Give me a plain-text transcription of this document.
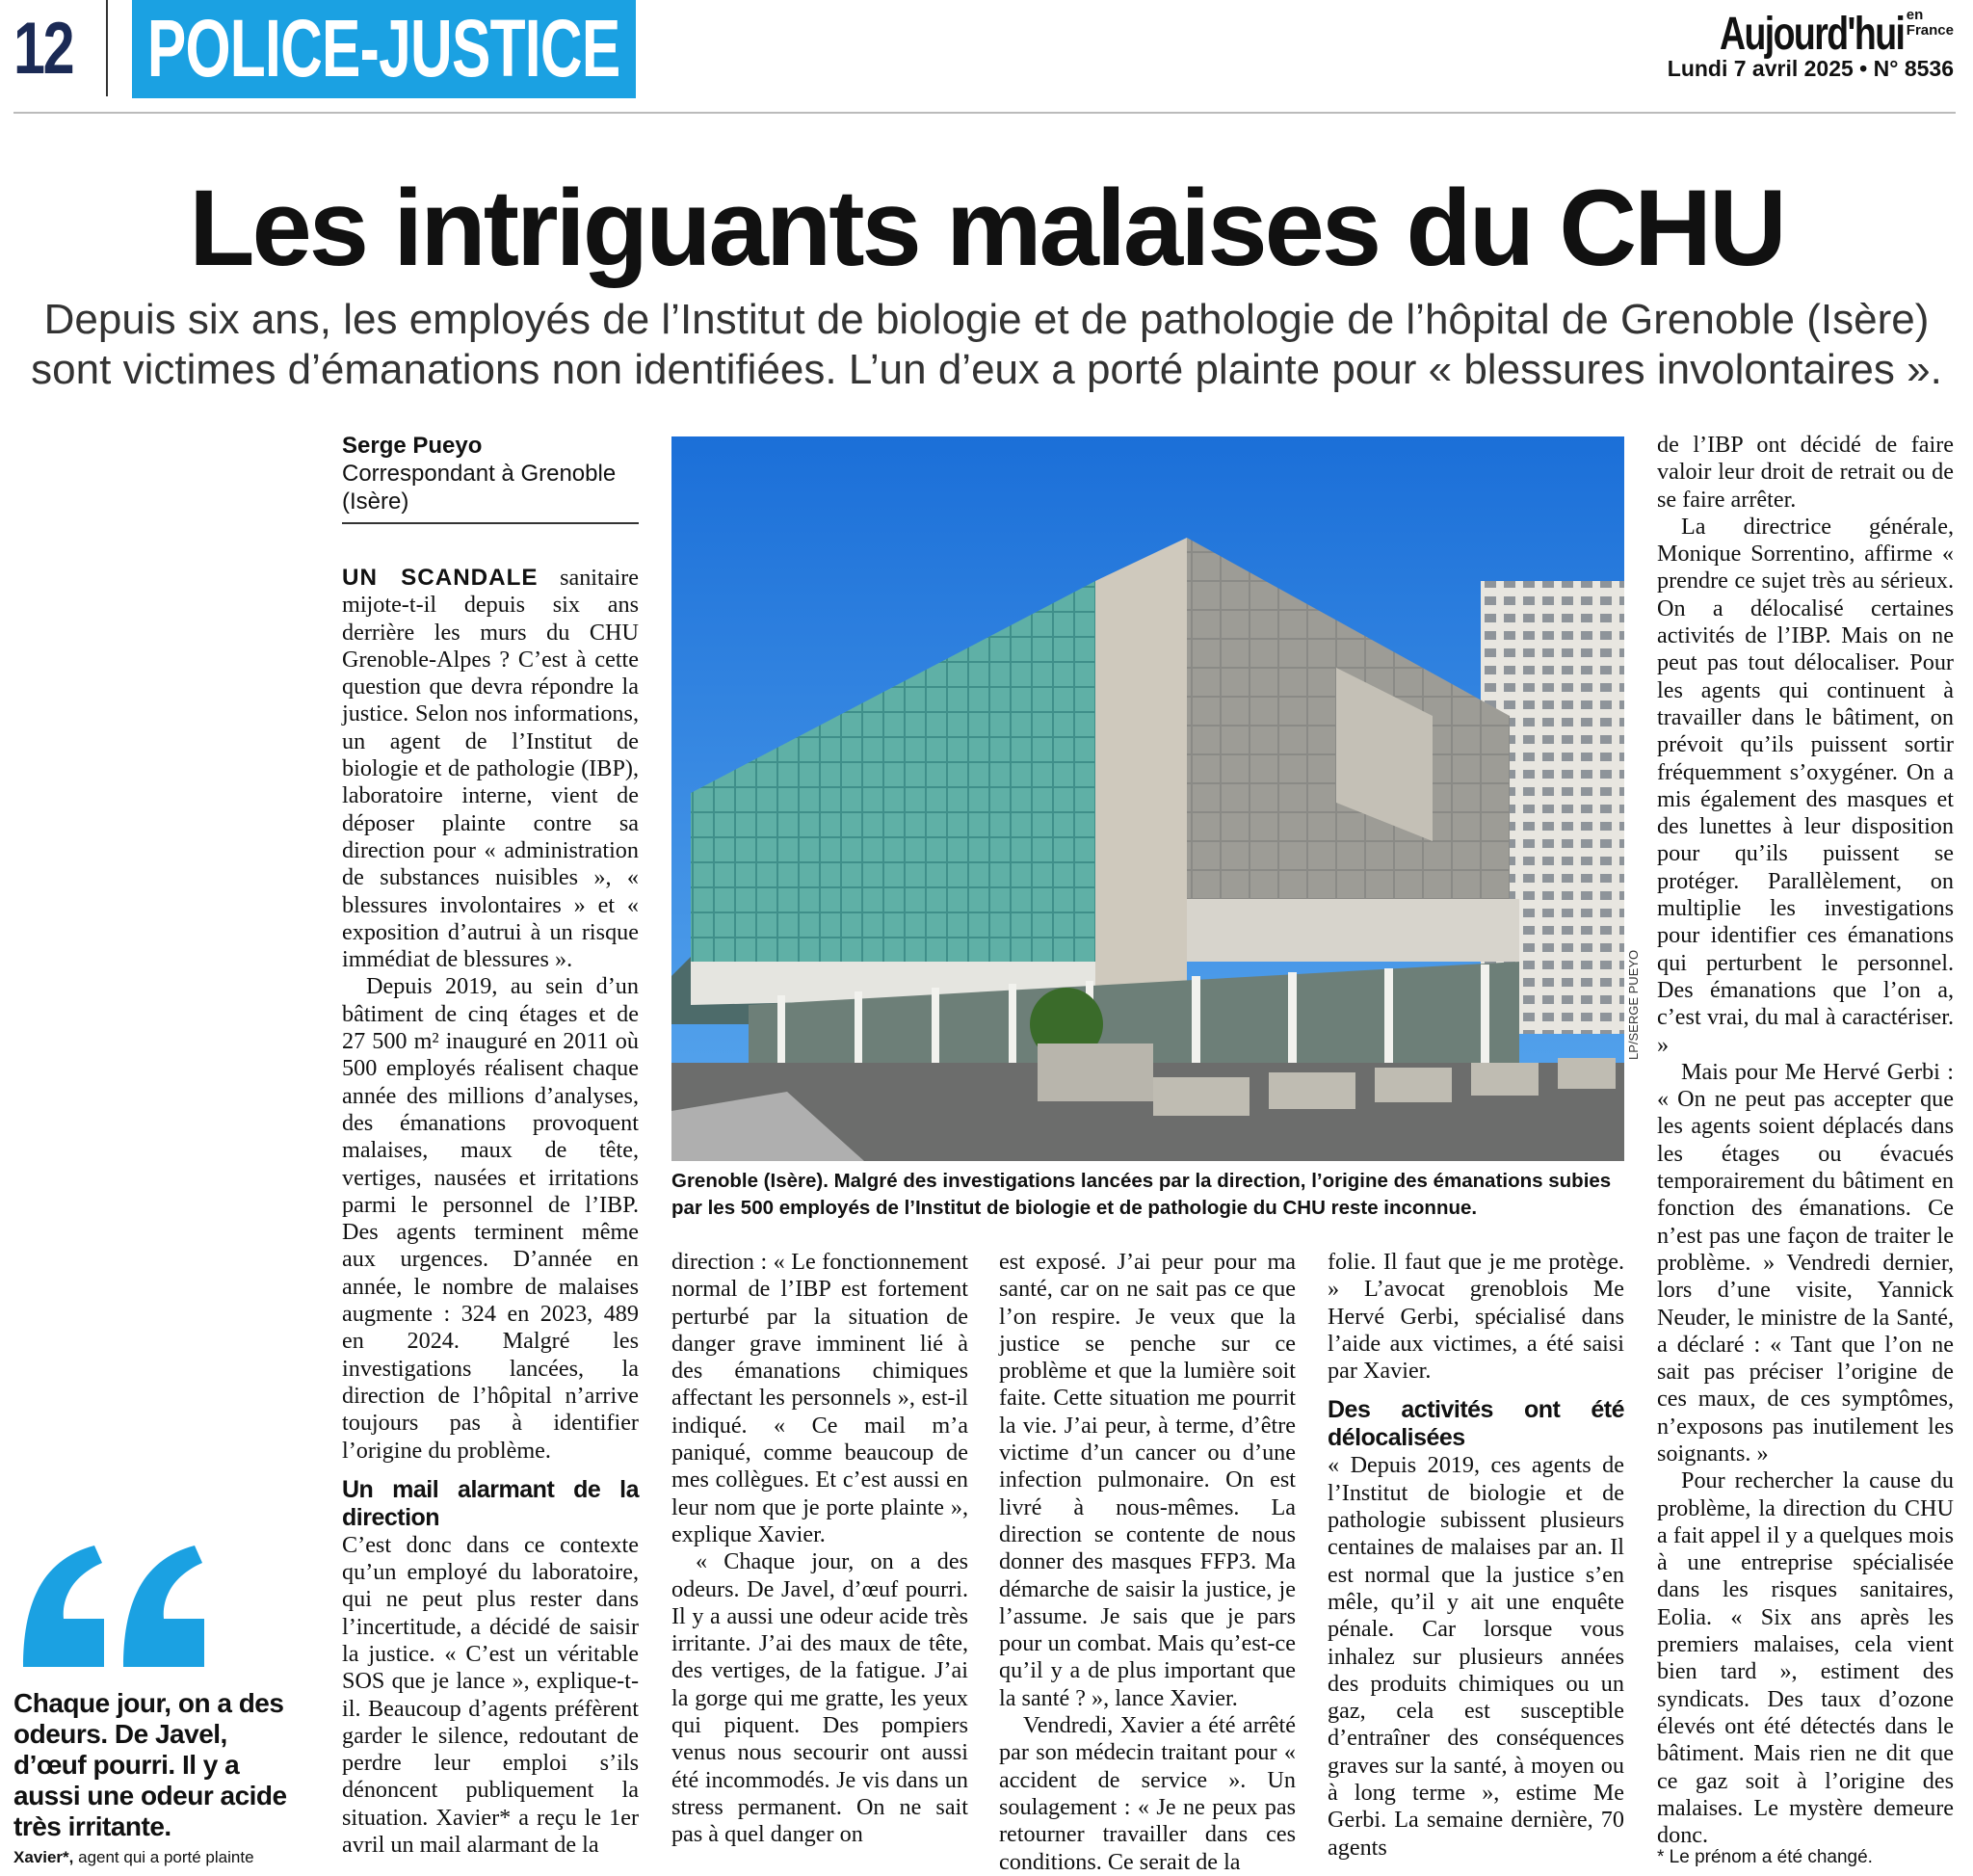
12 POLICE-JUSTICE	Aujourd'hui en
France
Lundi 7 avril 2025 • N° 8536
Les intriguants malaises du CHU
Depuis six ans, les employés de l’Institut de biologie et de pathologie de l’hôpital de Grenoble (Isère) sont victimes d’émanations non identifiées. L’un d’eux a porté plainte pour « blessures involontaires ».
Serge Pueyo
Correspondant à Grenoble (Isère)

UN SCANDALE sanitaire mijote-t-il depuis six ans derrière les murs du CHU Grenoble-Alpes ? C’est à cette question que devra répondre la justice. Selon nos informations, un agent de l’Institut de biologie et de pathologie (IBP), laboratoire interne, vient de déposer plainte contre sa direction pour « administration de substances nuisibles », « blessures involontaires » et « exposition d’autrui à un risque immédiat de blessures ».

Depuis 2019, au sein d’un bâtiment de cinq étages et de 27 500 m² inauguré en 2011 où 500 employés réalisent chaque année des millions d’analyses, des émanations provoquent malaises, maux de tête, vertiges, nausées et irritations parmi le personnel de l’IBP. Des agents terminent même aux urgences. D’année en année, le nombre de malaises augmente : 324 en 2023, 489 en 2024. Malgré les investigations lancées, la direction de l’hôpital n’arrive toujours pas à identifier l’origine du problème.

Un mail alarmant de la direction

C’est donc dans ce contexte qu’un employé du laboratoire, qui ne peut plus rester dans l’incertitude, a décidé de saisir la justice. « C’est un véritable SOS que je lance », explique-t-il. Beaucoup d’agents préfèrent garder le silence, redoutant de perdre leur emploi s’ils dénoncent publiquement la situation. Xavier* a reçu le 1er avril un mail alarmant de la

LP/SERGE PUEYO
Grenoble (Isère). Malgré des investigations lancées par la direction, l’origine des émanations subies par les 500 employés de l’Institut de biologie et de pathologie du CHU reste inconnue.

direction : « Le fonctionnement normal de l’IBP est fortement perturbé par la situation de danger grave imminent lié à des émanations chimiques affectant les personnels », est-il indiqué. « Ce mail m’a paniqué, comme beaucoup de mes collègues. Et c’est aussi en leur nom que je porte plainte », explique Xavier.

« Chaque jour, on a des odeurs. De Javel, d’œuf pourri. Il y a aussi une odeur acide très irritante. J’ai des maux de tête, des vertiges, de la fatigue. J’ai la gorge qui me gratte, les yeux qui piquent. Des pompiers venus nous secourir ont aussi été incommodés. Je vis dans un stress permanent. On ne sait pas à quel danger on

est exposé. J’ai peur pour ma santé, car on ne sait pas ce que l’on respire. Je veux que la justice se penche sur ce problème et que la lumière soit faite. Cette situation me pourrit la vie. J’ai peur, à terme, d’être victime d’un cancer ou d’une infection pulmonaire. On est livré à nous-mêmes. La direction se contente de nous donner des masques FFP3. Ma démarche de saisir la justice, je l’assume. Je sais que je pars pour un combat. Mais qu’est-ce qu’il y a de plus important que la santé ? », lance Xavier.

Vendredi, Xavier a été arrêté par son médecin traitant pour « accident de service ». Un soulagement : « Je ne peux pas retourner travailler dans ces conditions. Ce serait de la

folie. Il faut que je me protège. » L’avocat grenoblois Me Hervé Gerbi, spécialisé dans l’aide aux victimes, a été saisi par Xavier.

Des activités ont été délocalisées

« Depuis 2019, ces agents de l’Institut de biologie et de pathologie subissent plusieurs centaines de malaises par an. Il est normal que la justice s’en mêle, qu’il y ait une enquête pénale. Car lorsque vous inhalez sur plusieurs années des produits chimiques ou un gaz, cela est susceptible d’entraîner des conséquences graves sur la santé, à moyen ou à long terme », estime Me Gerbi. La semaine dernière, 70 agents

de l’IBP ont décidé de faire valoir leur droit de retrait ou de se faire arrêter.

La directrice générale, Monique Sorrentino, affirme « prendre ce sujet très au sérieux. On a délocalisé certaines activités de l’IBP. Mais on ne peut pas tout délocaliser. Pour les agents qui continuent à travailler dans le bâtiment, on prévoit qu’ils puissent sortir fréquemment s’oxygéner. On a mis également des masques et des lunettes à leur disposition pour qu’ils puissent se protéger. Parallèlement, on multiplie les investigations pour identifier ces émanations qui perturbent le personnel. Des émanations que l’on a, c’est vrai, du mal à caractériser. »

Mais pour Me Hervé Gerbi : « On ne peut pas accepter que les agents soient déplacés dans les étages ou évacués temporairement du bâtiment en fonction des émanations. Ce n’est pas une façon de traiter le problème. » Vendredi dernier, lors d’une visite, Yannick Neuder, le ministre de la Santé, a déclaré : « Tant que l’on ne sait pas préciser l’origine de ces maux, de ces symptômes, n’exposons pas inutilement les soignants. »

Pour rechercher la cause du problème, la direction du CHU a fait appel il y a quelques mois à une entreprise spécialisée dans les risques sanitaires, Eolia. « Six ans après les premiers malaises, cela vient bien tard », estiment des syndicats. Des taux d’ozone élevés ont été détectés dans le bâtiment. Mais rien ne dit que ce gaz soit à l’origine des malaises. Le mystère demeure donc.

* Le prénom a été changé.
Chaque jour, on a des odeurs. De Javel, d’œuf pourri. Il y a aussi une odeur acide très irritante.
Xavier*, agent qui a porté plainte
